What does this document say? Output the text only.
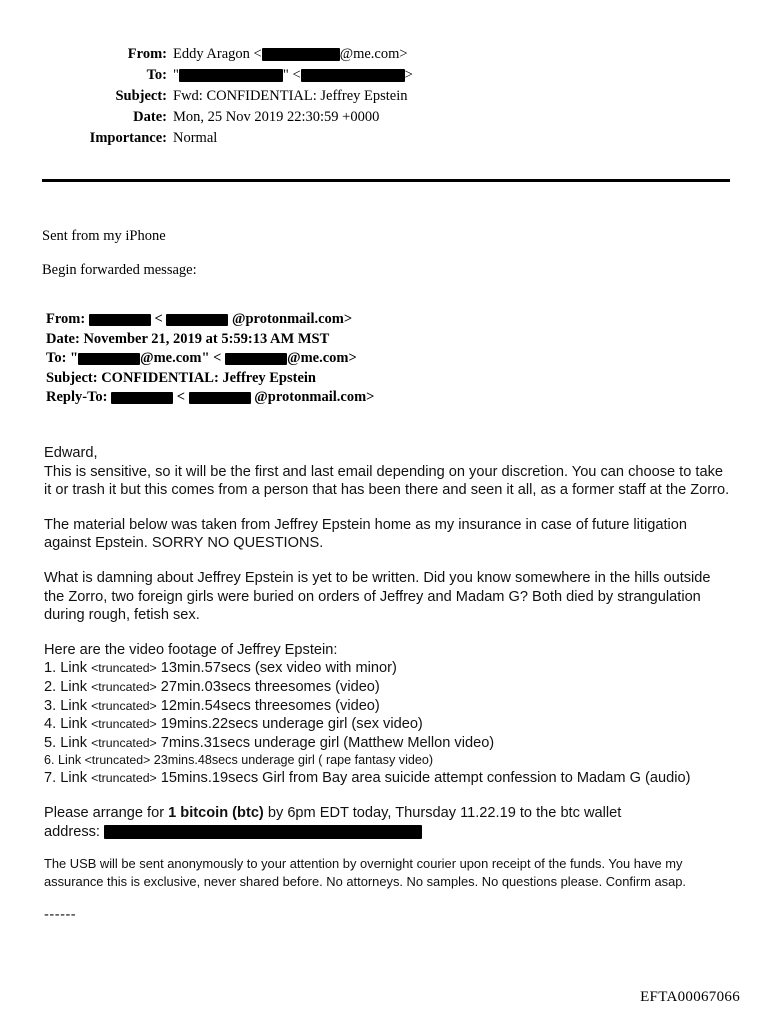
From:	Eddy Aragon < @me.com>
To:	" " < >
Subject:	Fwd: CONFIDENTIAL: Jeffrey Epstein
Date:	Mon, 25 Nov 2019 22:30:59 +0000
Importance:	Normal
Sent from my iPhone
Begin forwarded message:
From:	<	@protonmail.com>
Date: November 21, 2019 at 5:59:13 AM MST
To: "	@me.com" <	@me.com>
Subject: CONFIDENTIAL: Jeffrey Epstein
Reply-To:	<	@protonmail.com>

Edward,

This is sensitive, so it will be the first and last email depending on your discretion. You can choose to take it or trash it but this comes from a person that has been there and seen it all, as a former staff at the Zorro.

The material below was taken from Jeffrey Epstein home as my insurance in case of future litigation against Epstein. SORRY NO QUESTIONS.

What is damning about Jeffrey Epstein is yet to be written. Did you know somewhere in the hills outside the Zorro, two foreign girls were buried on orders of Jeffrey and Madam G? Both died by strangulation during rough, fetish sex.

Here are the video footage of Jeffrey Epstein:

1. Link <truncated> 13min.57secs (sex video with minor)
2. Link <truncated> 27min.03secs threesomes (video)
3. Link <truncated> 12min.54secs threesomes (video)
4. Link <truncated> 19mins.22secs underage girl (sex video)
5. Link <truncated> 7mins.31secs underage girl (Matthew Mellon video)
6. Link <truncated> 23mins.48secs underage girl ( rape fantasy video)
7. Link <truncated> 15mins.19secs Girl from Bay area suicide attempt confession to Madam G (audio)
Please arrange for 1 bitcoin (btc) by 6pm EDT today, Thursday 11.22.19 to the btc wallet
address:

The USB will be sent anonymously to your attention by overnight courier upon receipt of the funds. You have my assurance this is exclusive, never shared before. No attorneys. No samples. No questions please. Confirm asap.

------
EFTA00067066
